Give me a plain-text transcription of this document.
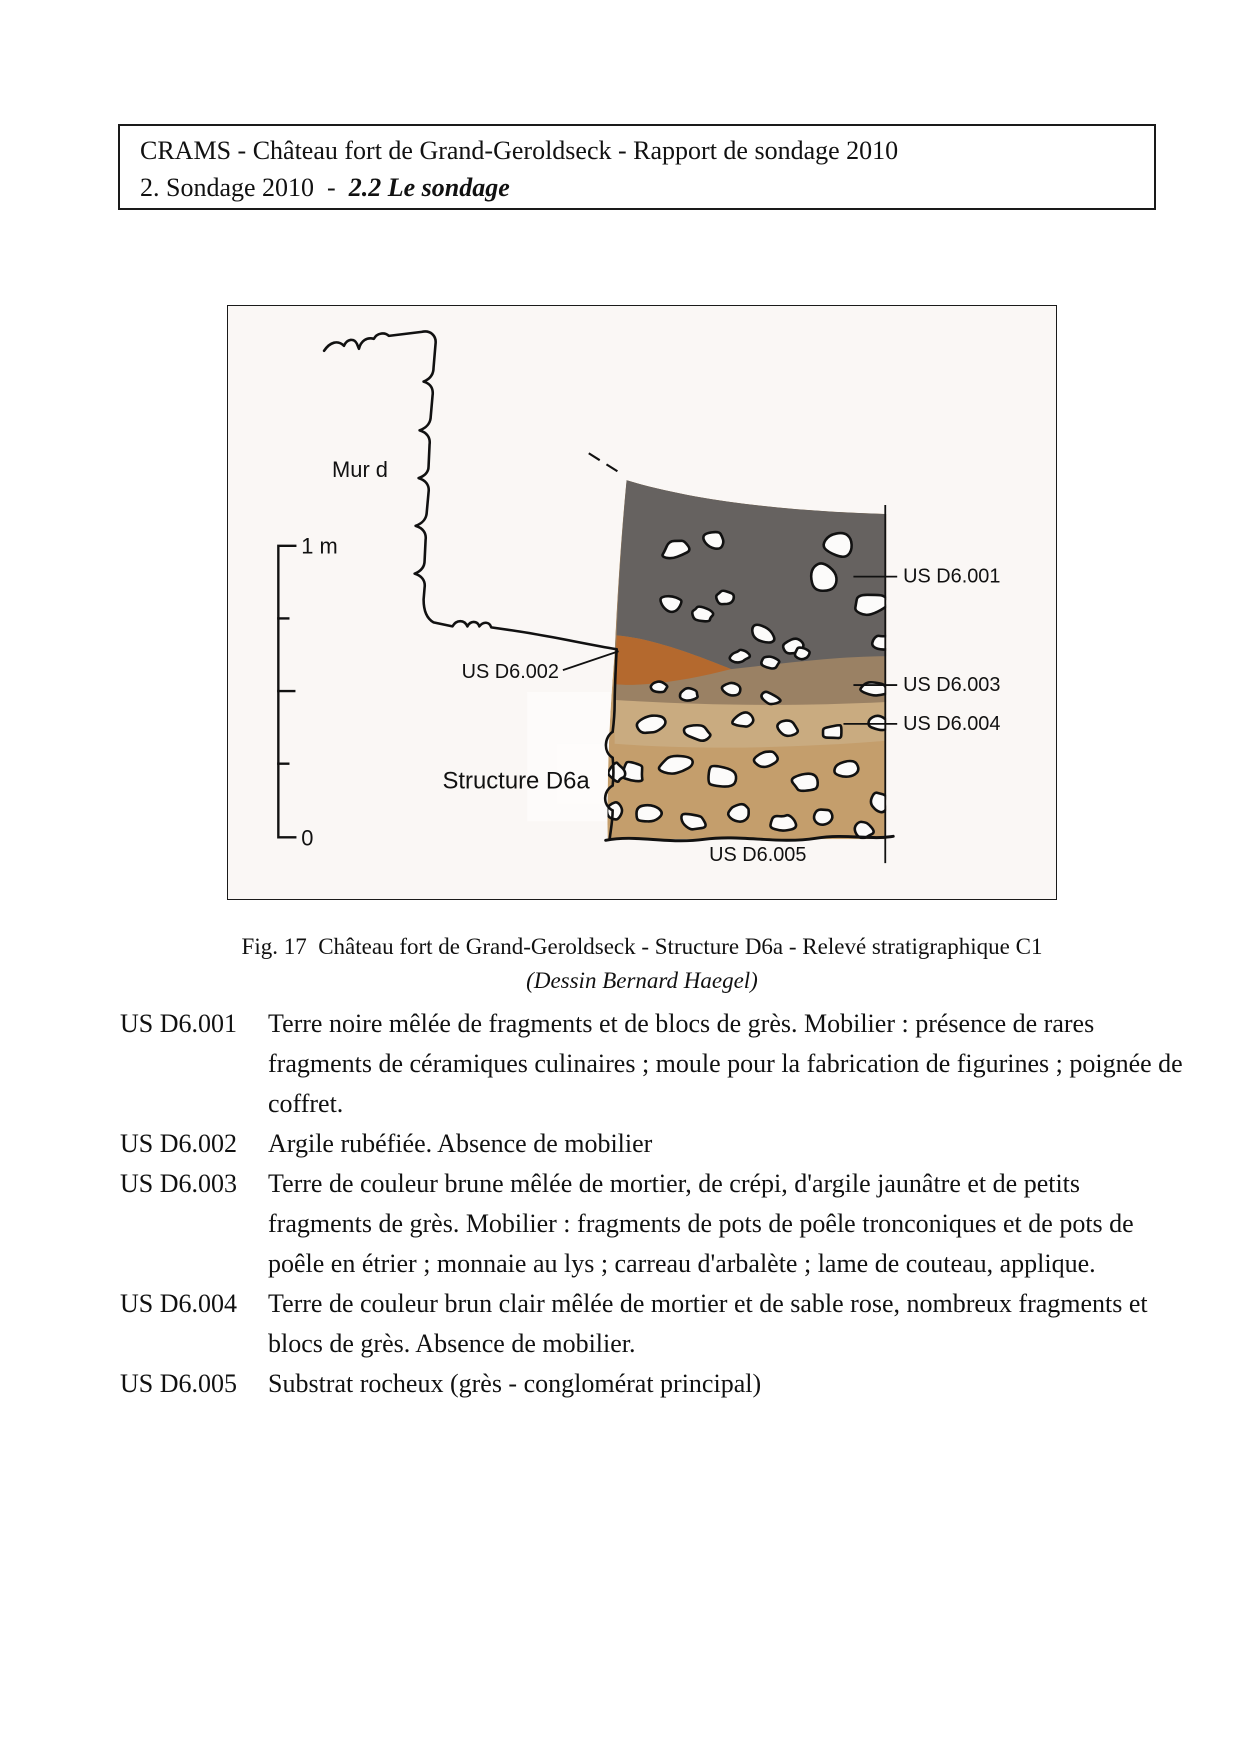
CRAMS - Château fort de Grand-Geroldseck - Rapport de sondage 2010
2. Sondage 2010  -  2.2 Le sondage
1 m
0
Mur d
US D6.001
US D6.002
US D6.003
US D6.004
US D6.005
Structure D6a
Fig. 17  Château fort de Grand-Geroldseck - Structure D6a - Relevé stratigraphique C1
(Dessin Bernard Haegel)
US D6.001	Terre noire mêlée de fragments et de blocs de grès. Mobilier : présence de rares
fragments de céramiques culinaires ; moule pour la fabrication de figurines ; poignée de
coffret.
US D6.002	Argile rubéfiée. Absence de mobilier
US D6.003	Terre de couleur brune mêlée de mortier, de crépi, d'argile jaunâtre et de petits
fragments de grès. Mobilier : fragments de pots de poêle tronconiques et de pots de
poêle en étrier ; monnaie au lys ; carreau d'arbalète ; lame de couteau, applique.
US D6.004	Terre de couleur brun clair mêlée de mortier et de sable rose, nombreux fragments et
blocs de grès. Absence de mobilier.
US D6.005	Substrat rocheux (grès - conglomérat principal)
